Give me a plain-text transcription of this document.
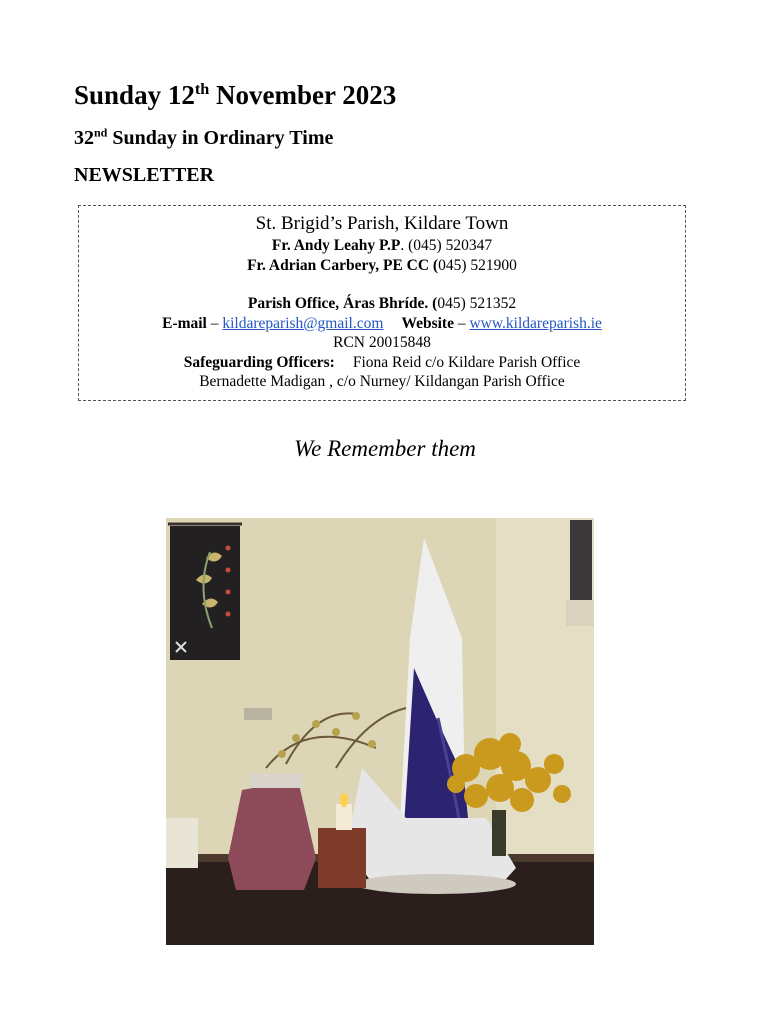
Sunday 12th November 2023
32nd Sunday in Ordinary Time
NEWSLETTER
St. Brigid’s Parish, Kildare Town
Fr. Andy Leahy P.P. (045) 520347
Fr. Adrian Carbery, PE CC (045) 521900
Parish Office, Áras Bhríde. (045) 521352
E-mail – kildareparish@gmail.com Website – www.kildareparish.ie
RCN 20015848
Safeguarding Officers: Fiona Reid c/o Kildare Parish Office
Bernadette Madigan , c/o Nurney/ Kildangan Parish Office
We Remember them
